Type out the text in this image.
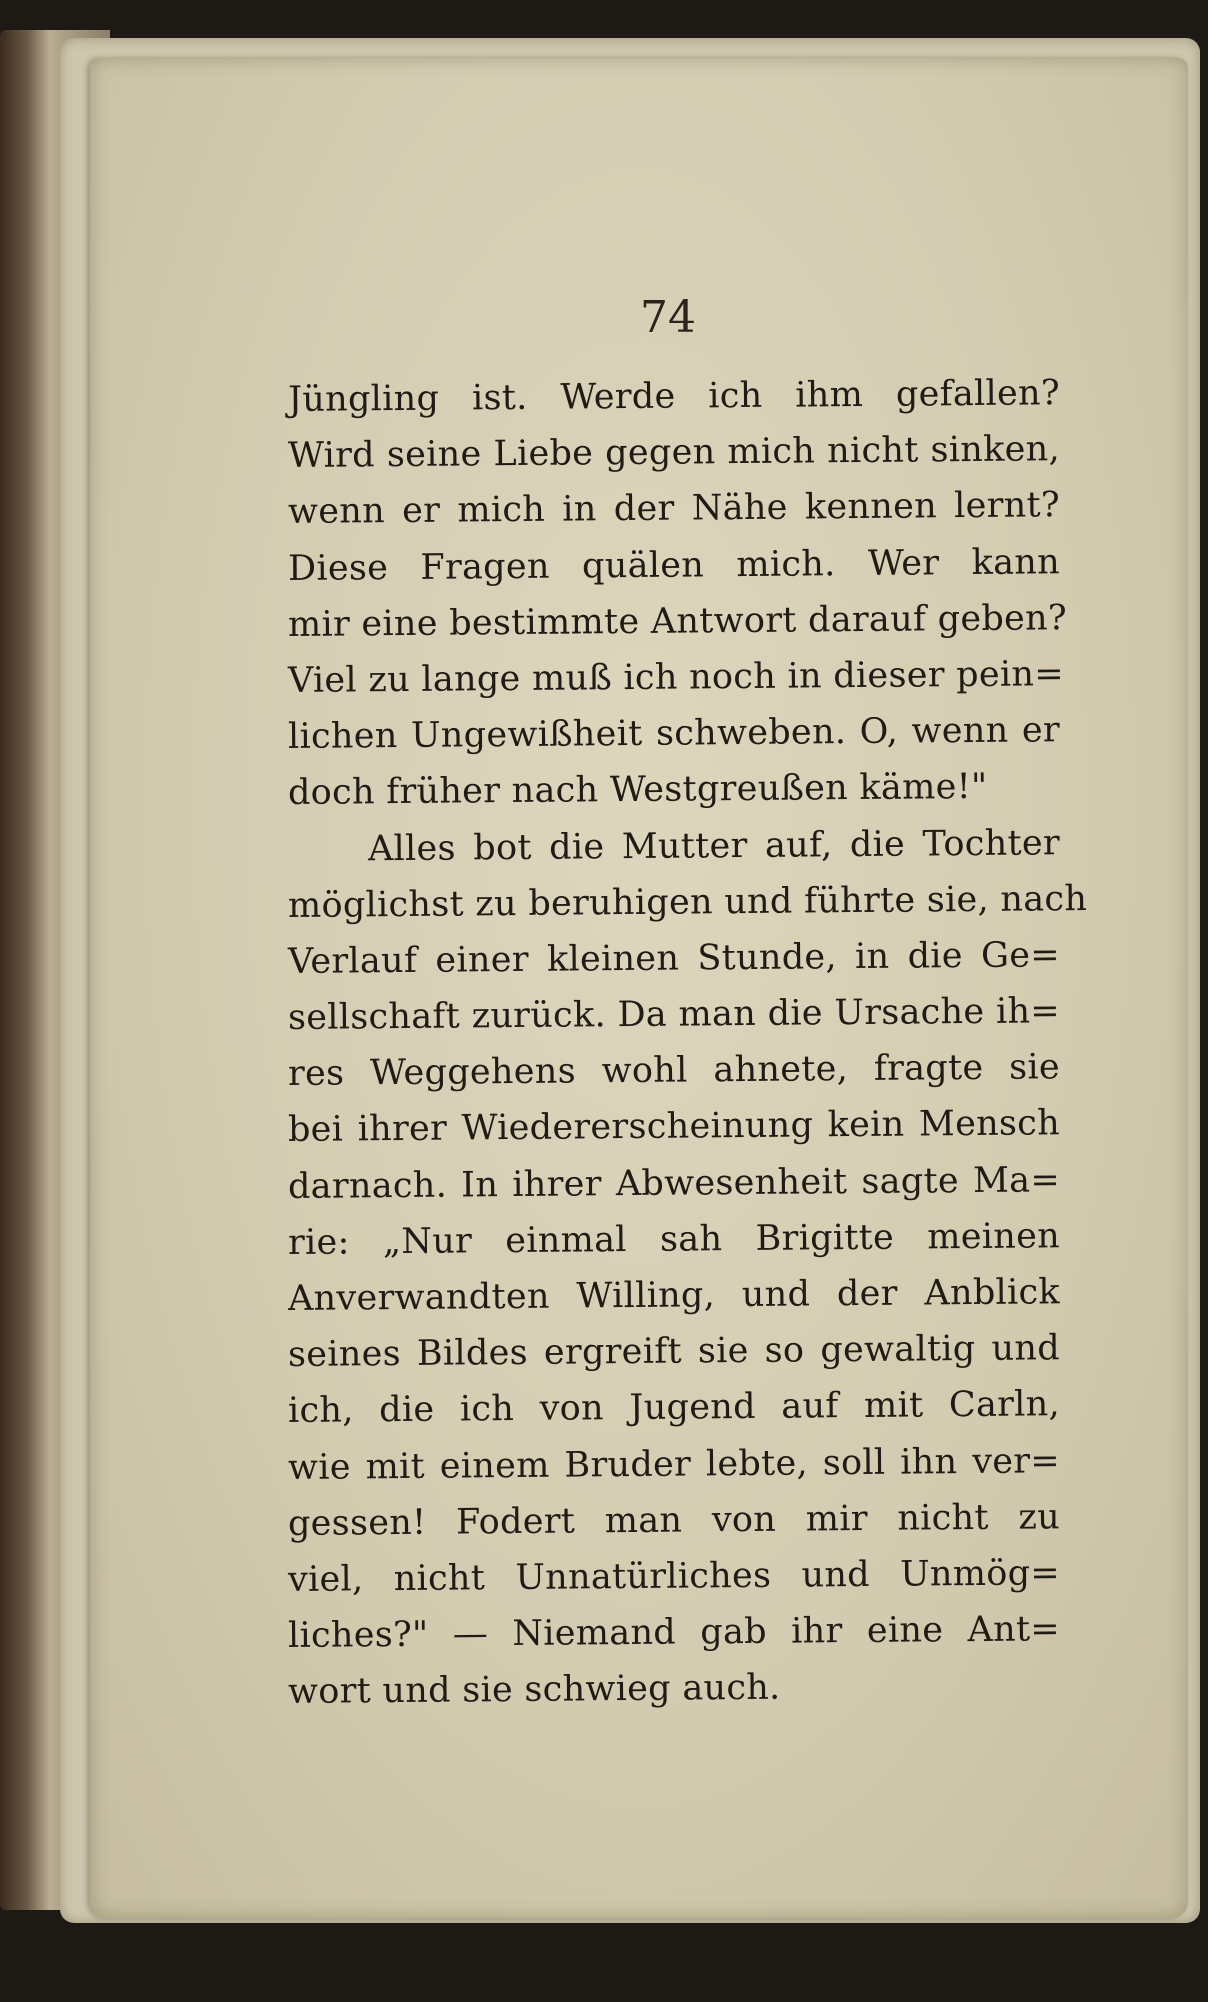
74
Jüngling ist. Werde ich ihm gefallen?
Wird seine Liebe gegen mich nicht sinken,
wenn er mich in der Nähe kennen lernt?
Diese Fragen quälen mich. Wer kann
mir eine bestimmte Antwort darauf geben?
Viel zu lange muß ich noch in dieser pein=
lichen Ungewißheit schweben. O, wenn er
doch früher nach Westgreußen käme!"
Alles bot die Mutter auf, die Tochter
möglichst zu beruhigen und führte sie, nach
Verlauf einer kleinen Stunde, in die Ge=
sellschaft zurück. Da man die Ursache ih=
res Weggehens wohl ahnete, fragte sie
bei ihrer Wiedererscheinung kein Mensch
darnach. In ihrer Abwesenheit sagte Ma=
rie: „Nur einmal sah Brigitte meinen
Anverwandten Willing, und der Anblick
seines Bildes ergreift sie so gewaltig und
ich, die ich von Jugend auf mit Carln,
wie mit einem Bruder lebte, soll ihn ver=
gessen! Fodert man von mir nicht zu
viel, nicht Unnatürliches und Unmög=
liches?" — Niemand gab ihr eine Ant=
wort und sie schwieg auch.
